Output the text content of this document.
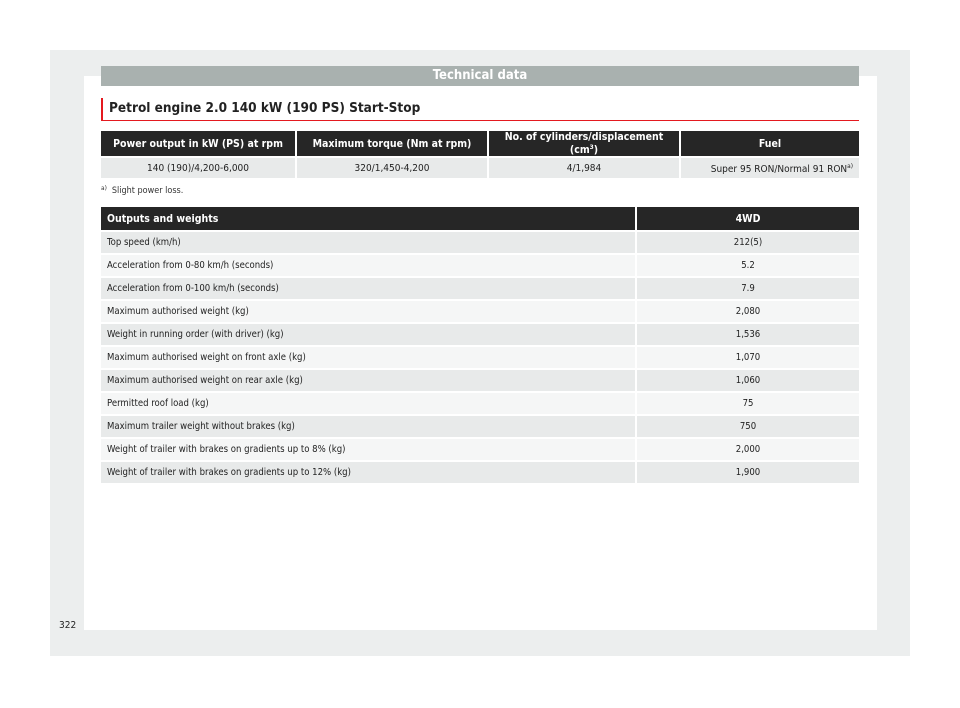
Technical data
Petrol engine 2.0 140 kW (190 PS) Start-Stop
Power output in kW (PS) at rpm	Maximum torque (Nm at rpm)	No. of cylinders/displacement $(cm^3)$	Fuel
140 (190)/4,200-6,000	320/1,450-4,200	4/1,984	Super 95 RON/Normal 91 RON$^{a)}$
$^{a)}$ Slight power loss.
Outputs and weights	4WD
Top speed (km/h)	212(5)
Acceleration from 0-80 km/h (seconds)	5.2
Acceleration from 0-100 km/h (seconds)	7.9
Maximum authorised weight (kg)	2,080
Weight in running order (with driver) (kg)	1,536
Maximum authorised weight on front axle (kg)	1,070
Maximum authorised weight on rear axle (kg)	1,060
Permitted roof load (kg)	75
Maximum trailer weight without brakes (kg)	750
Weight of trailer with brakes on gradients up to 8% (kg)	2,000
Weight of trailer with brakes on gradients up to 12% (kg)	1,900
322
